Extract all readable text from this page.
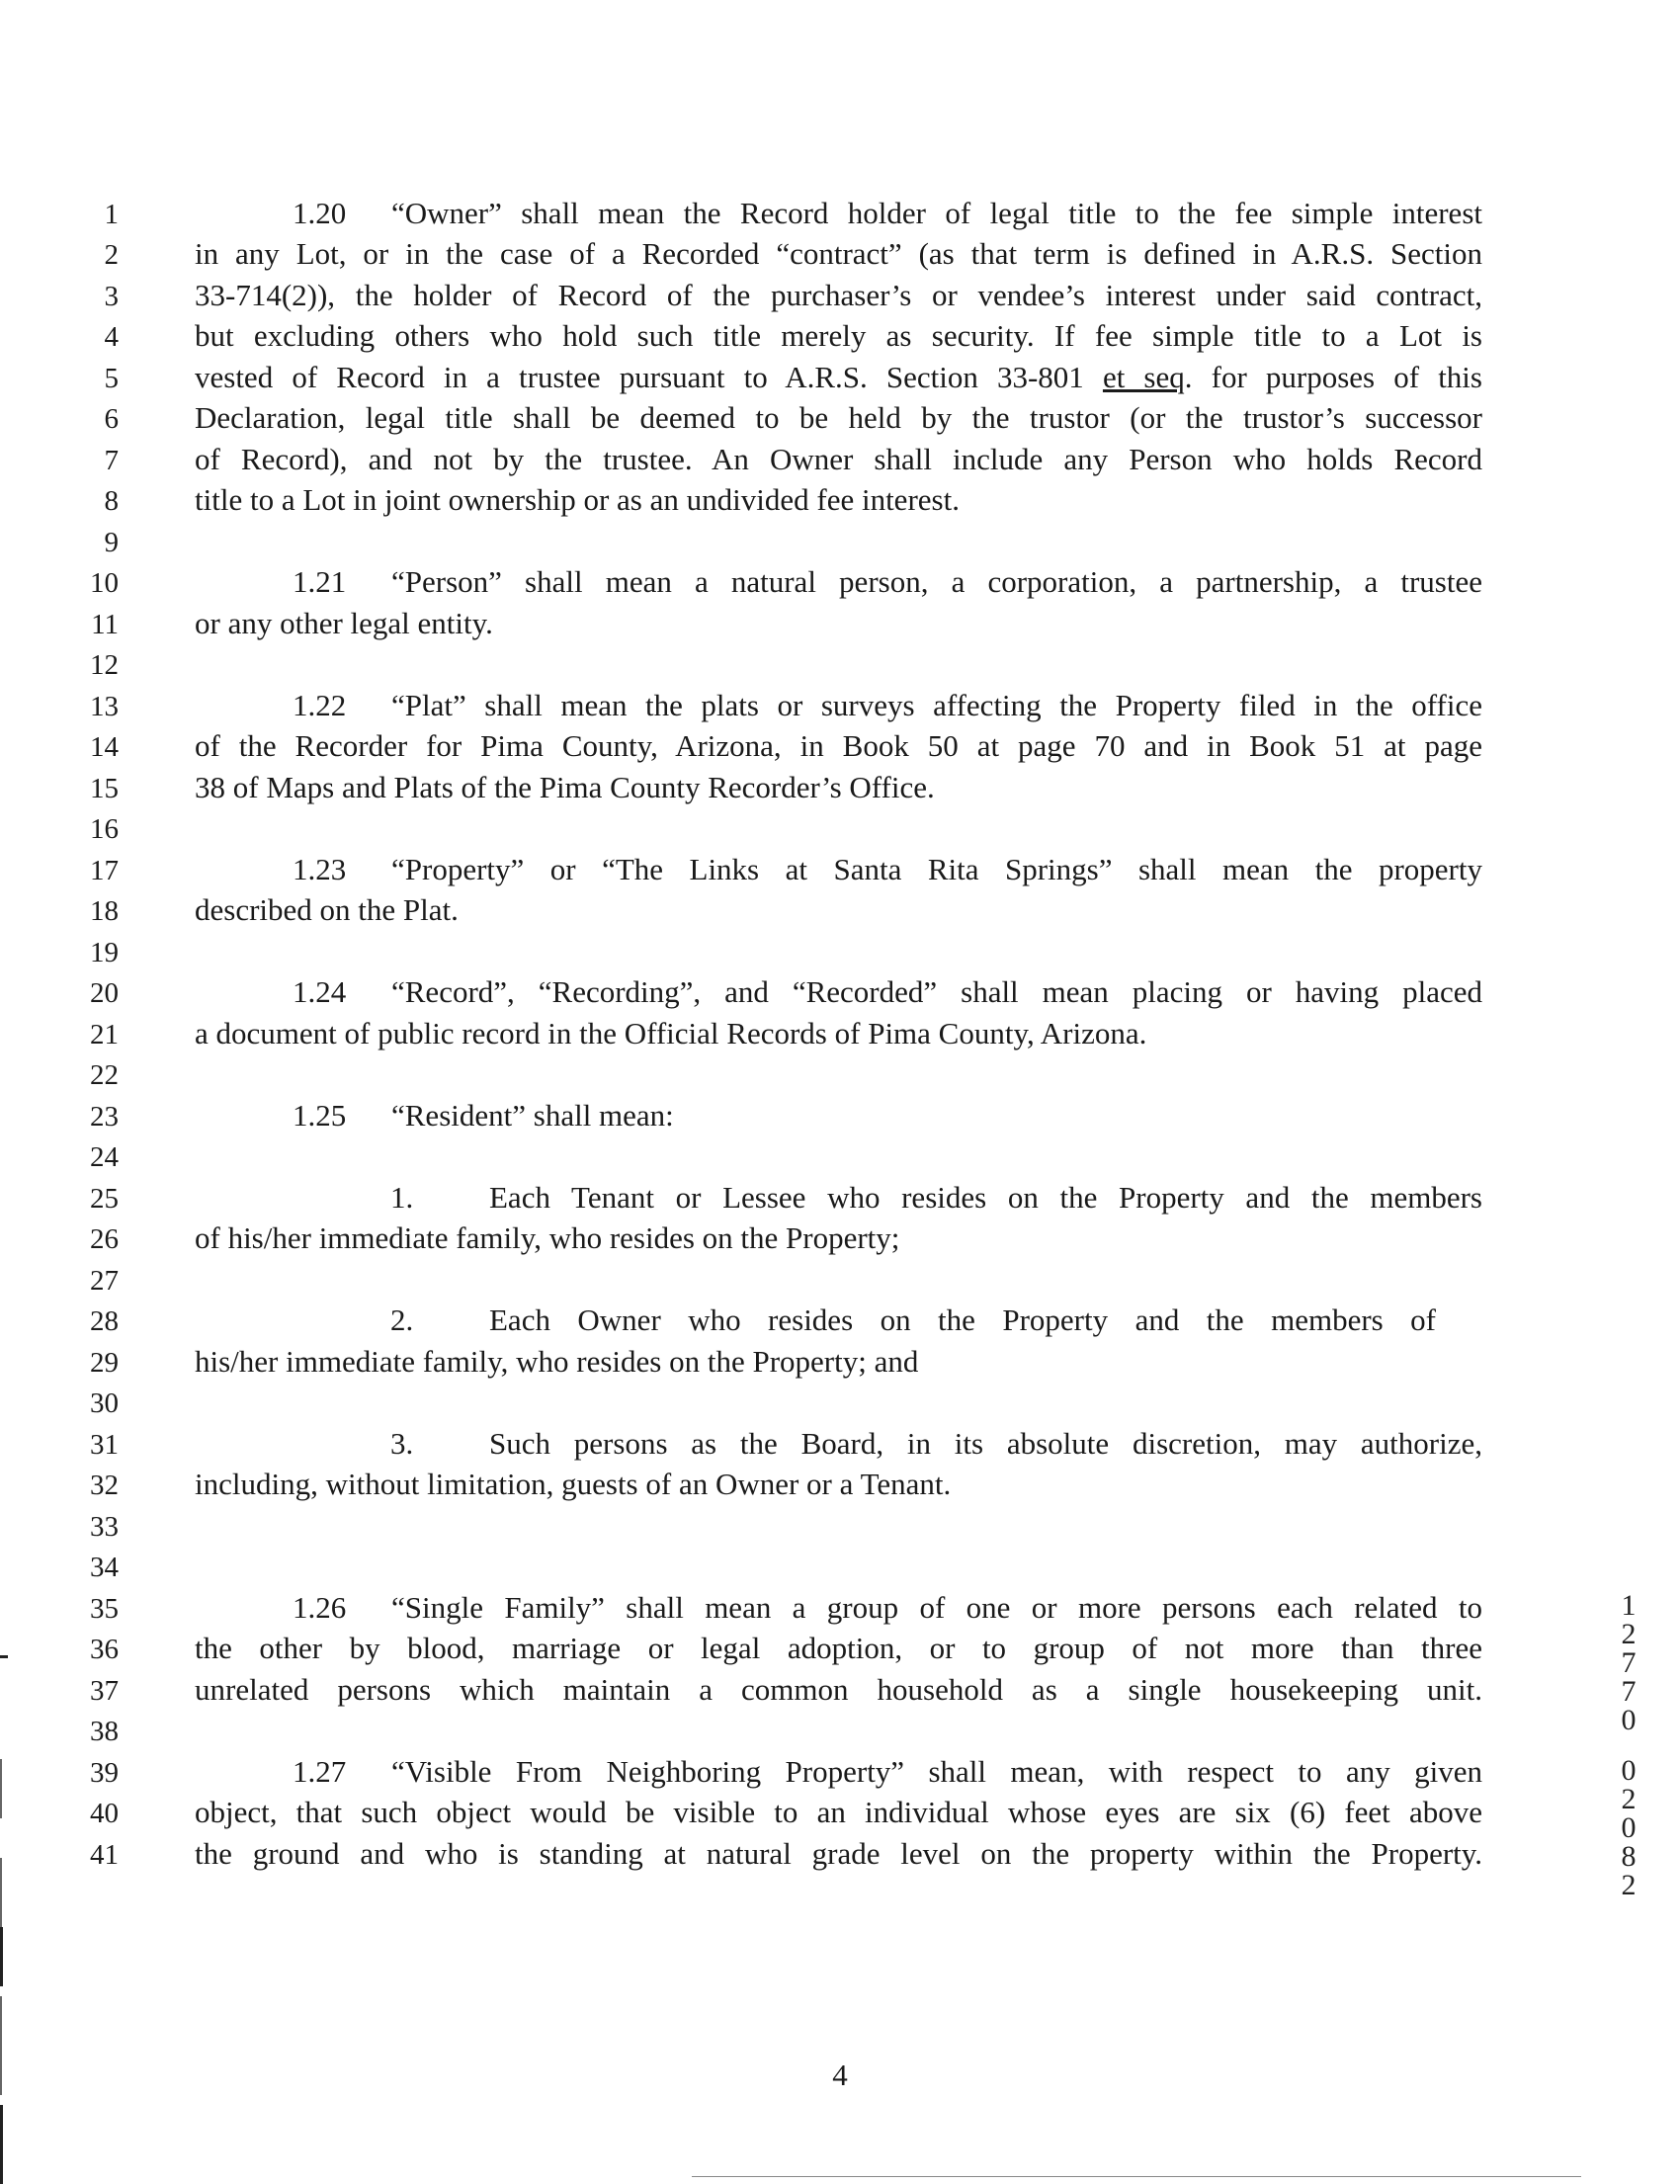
1
2
3
4
5
6
7
8
9
10
11
12
13
14
15
16
17
18
19
20
21
22
23
24
25
26
27
28
29
30
31
32
33
34
35
36
37
38
39
40
41
1.20 “Owner” shall mean the Record holder of legal title to the fee simple interest
in any Lot, or in the case of a Recorded “contract” (as that term is defined in A.R.S. Section
33-714(2)), the holder of Record of the purchaser’s or vendee’s interest under said contract,
but excluding others who hold such title merely as security. If fee simple title to a Lot is
vested of Record in a trustee pursuant to A.R.S. Section 33-801 et seq. for purposes of this
Declaration, legal title shall be deemed to be held by the trustor (or the trustor’s successor
of Record), and not by the trustee. An Owner shall include any Person who holds Record
title to a Lot in joint ownership or as an undivided fee interest.
1.21 “Person” shall mean a natural person, a corporation, a partnership, a trustee
or any other legal entity.
1.22 “Plat” shall mean the plats or surveys affecting the Property filed in the office
of the Recorder for Pima County, Arizona, in Book 50 at page 70 and in Book 51 at page
38 of Maps and Plats of the Pima County Recorder’s Office.
1.23 “Property” or “The Links at Santa Rita Springs” shall mean the property
described on the Plat.
1.24 “Record”, “Recording”, and “Recorded” shall mean placing or having placed
a document of public record in the Official Records of Pima County, Arizona.
1.25 “Resident” shall mean:
1. Each Tenant or Lessee who resides on the Property and the members
of his/her immediate family, who resides on the Property;
2. Each Owner who resides on the Property and the members of
his/her immediate family, who resides on the Property; and
3. Such persons as the Board, in its absolute discretion, may authorize,
including, without limitation, guests of an Owner or a Tenant.
1.26 “Single Family” shall mean a group of one or more persons each related to
the other by blood, marriage or legal adoption, or to group of not more than three
unrelated persons which maintain a common household as a single housekeeping unit.
1.27 “Visible From Neighboring Property” shall mean, with respect to any given
object, that such object would be visible to an individual whose eyes are six (6) feet above
the ground and who is standing at natural grade level on the property within the Property.
1
2
7
7
0
0
2
0
8
2
4
